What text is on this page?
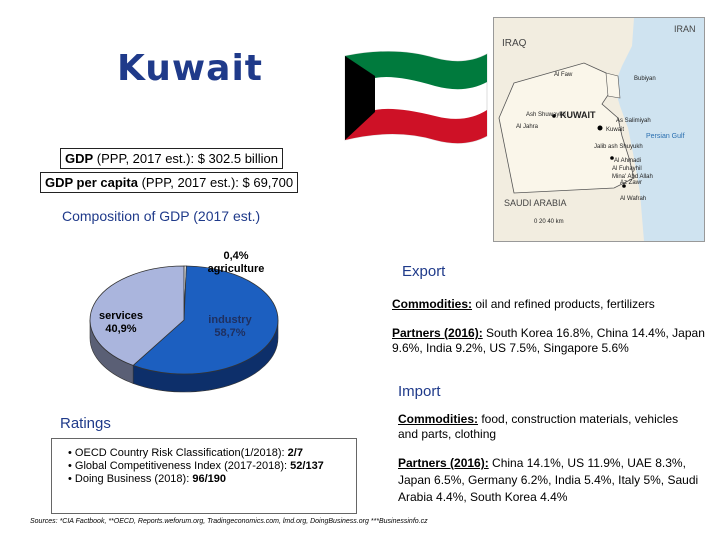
Kuwait
IRAQ
IRAN
KUWAIT
SAUDI ARABIA
Persian Gulf
Al Faw
Bubiyan
Al Jahra	Kuwait
Ash Shuwaykh
As Salimiyah
Jalib ash Shuyukh
Al Ahmadi
Al Fuhayhil
Mina' Abd Allah
Az Zawr
Al Wafrah
0 20 40 km
GDP (PPP, 2017 est.): $ 302.5 billion
GDP per capita (PPP, 2017 est.): $ 69,700
Composition of GDP (2017 est.)
0,4%
agriculture
industry
58,7%
services
40,9%
Export
Commodities: oil and refined products, fertilizers
Partners (2016): South Korea 16.8%, China 14.4%, Japan 9.6%, India 9.2%, US 7.5%, Singapore 5.6%
Import
Commodities: food, construction materials, vehicles and parts, clothing
Partners (2016): China 14.1%, US 11.9%, UAE 8.3%, Japan 6.5%, Germany 6.2%, India 5.4%, Italy 5%, Saudi Arabia 4.4%, South Korea 4.4%
Ratings
• OECD Country Risk Classification(1/2018): 2/7
• Global Competitiveness Index (2017-2018): 52/137
• Doing Business (2018): 96/190
Sources: *CIA Factbook, **OECD, Reports.weforum.org, Tradingeconomics.com, lmd.org, DoingBusiness.org ***Businessinfo.cz
